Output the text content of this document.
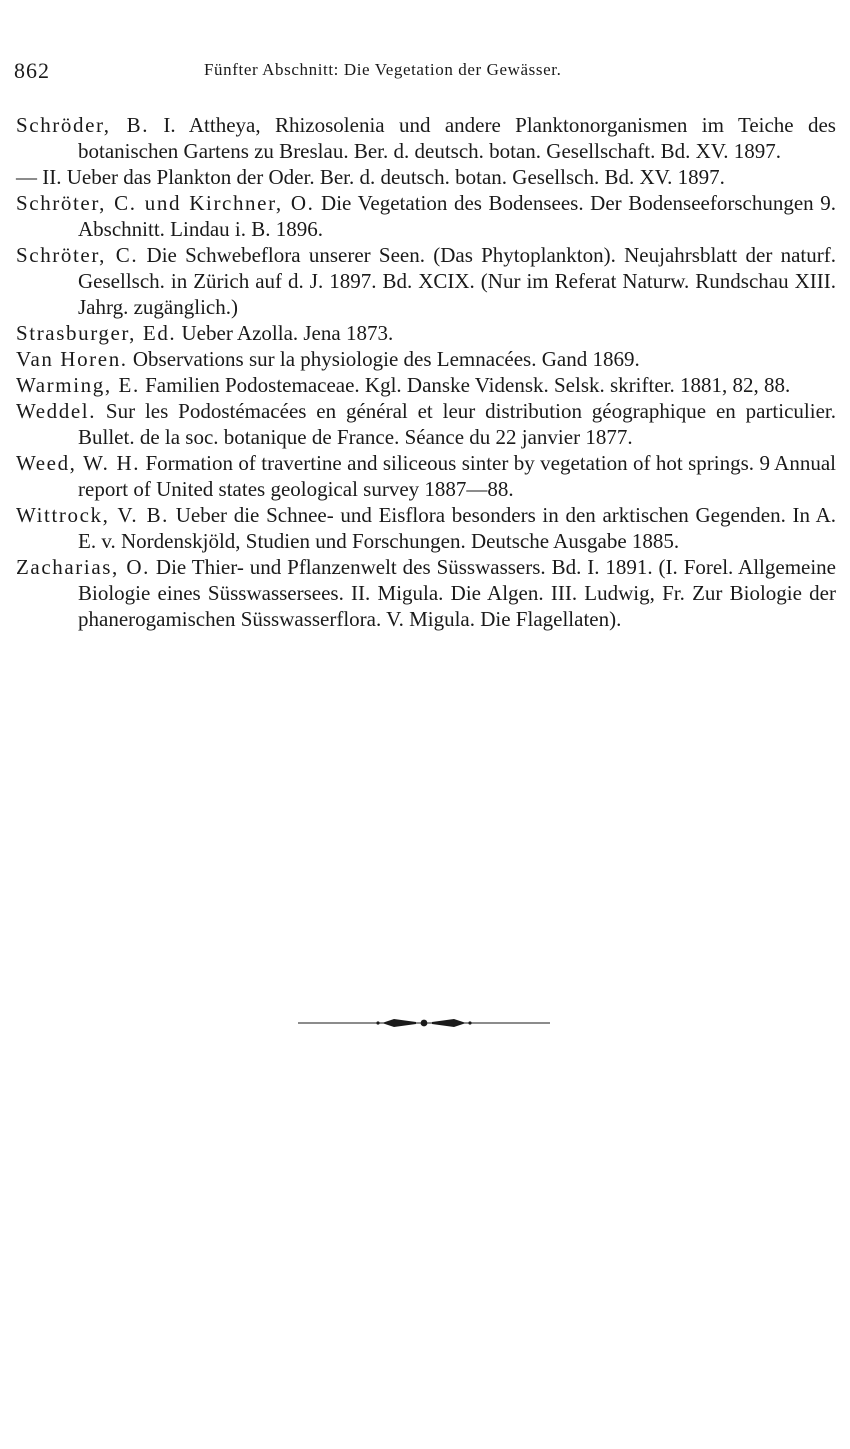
862	Fünfter Abschnitt: Die Vegetation der Gewässer.

Schröder, B. I. Attheya, Rhizosolenia und andere Planktonorganismen im Teiche des botanischen Gartens zu Breslau. Ber. d. deutsch. botan. Gesellschaft. Bd. XV. 1897.

— II. Ueber das Plankton der Oder. Ber. d. deutsch. botan. Gesellsch. Bd. XV. 1897.

Schröter, C. und Kirchner, O. Die Vegetation des Bodensees. Der Bodenseeforschungen 9. Abschnitt. Lindau i. B. 1896.

Schröter, C. Die Schwebeflora unserer Seen. (Das Phytoplankton). Neujahrsblatt der naturf. Gesellsch. in Zürich auf d. J. 1897. Bd. XCIX. (Nur im Referat Naturw. Rundschau XIII. Jahrg. zugänglich.)

Strasburger, Ed. Ueber Azolla. Jena 1873.

Van Horen. Observations sur la physiologie des Lemnacées. Gand 1869.

Warming, E. Familien Podostemaceae. Kgl. Danske Vidensk. Selsk. skrifter. 1881, 82, 88.

Weddel. Sur les Podostémacées en général et leur distribution géographique en particulier. Bullet. de la soc. botanique de France. Séance du 22 janvier 1877.

Weed, W. H. Formation of travertine and siliceous sinter by vegetation of hot springs. 9 Annual report of United states geological survey 1887—88.

Wittrock, V. B. Ueber die Schnee- und Eisflora besonders in den arktischen Gegenden. In A. E. v. Nordenskjöld, Studien und Forschungen. Deutsche Ausgabe 1885.

Zacharias, O. Die Thier- und Pflanzenwelt des Süsswassers. Bd. I. 1891. (I. Forel. Allgemeine Biologie eines Süsswassersees. II. Migula. Die Algen. III. Ludwig, Fr. Zur Biologie der phanerogamischen Süsswasserflora. V. Migula. Die Flagellaten).
